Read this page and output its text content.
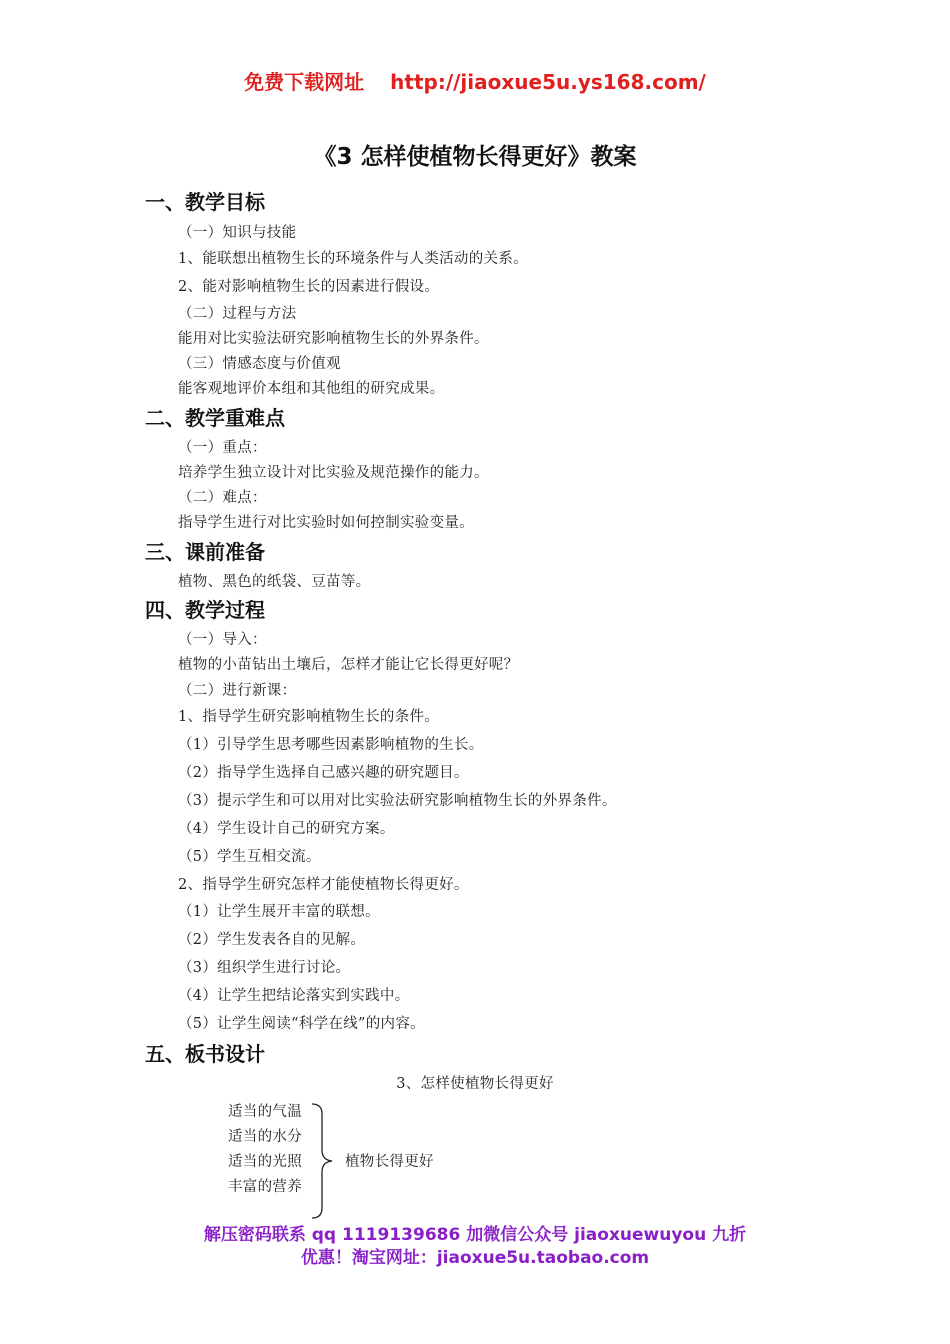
免费下载网址 http://jiaoxue5u.ys168.com/
《3 怎样使植物长得更好》教案
一、教学目标
（一）知识与技能
1、能联想出植物生长的环境条件与人类活动的关系。
2、能对影响植物生长的因素进行假设。
（二）过程与方法
能用对比实验法研究影响植物生长的外界条件。
（三）情感态度与价值观
能客观地评价本组和其他组的研究成果。
二、教学重难点
（一）重点：
培养学生独立设计对比实验及规范操作的能力。
（二）难点：
指导学生进行对比实验时如何控制实验变量。
三、课前准备
植物、黑色的纸袋、豆苗等。
四、教学过程
（一）导入：
植物的小苗钻出土壤后，怎样才能让它长得更好呢？
（二）进行新课：
1、指导学生研究影响植物生长的条件。
（1）引导学生思考哪些因素影响植物的生长。
（2）指导学生选择自己感兴趣的研究题目。
（3）提示学生和可以用对比实验法研究影响植物生长的外界条件。
（4）学生设计自己的研究方案。
（5）学生互相交流。
2、指导学生研究怎样才能使植物长得更好。
（1）让学生展开丰富的联想。
（2）学生发表各自的见解。
（3）组织学生进行讨论。
（4）让学生把结论落实到实践中。
（5）让学生阅读“科学在线”的内容。
五、板书设计
3、怎样使植物长得更好
适当的气温
适当的水分
适当的光照
丰富的营养
植物长得更好
解压密码联系 qq 1119139686 加微信公众号 jiaoxuewuyou 九折
优惠！淘宝网址：jiaoxue5u.taobao.com
